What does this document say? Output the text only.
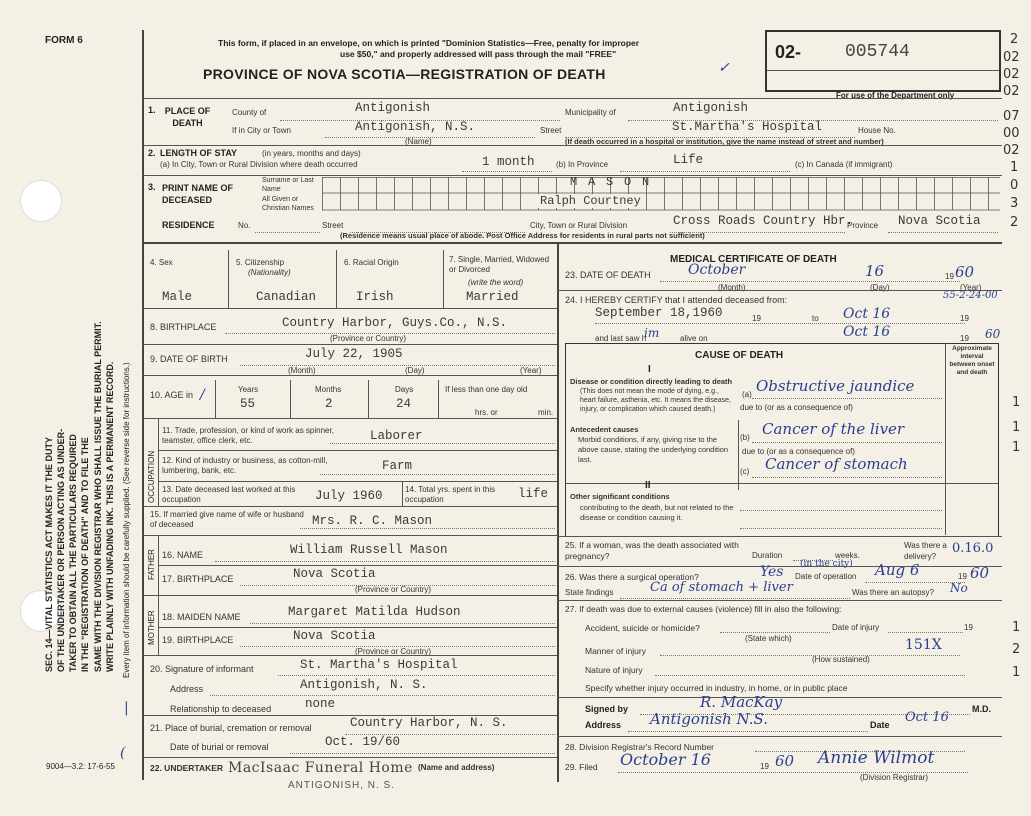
FORM 6	This form, if placed in an envelope, on which is printed "Dominion Statistics—Free, penalty for improper
use $50," and properly addressed will pass through the mail "FREE"
PROVINCE OF NOVA SCOTIA—REGISTRATION OF DEATH	✓
02- 005744
For use of the Department only
2
02
02
02
07
00
02
1
0
3
2
SEC. 14—VITAL STATISTICS ACT MAKES IT THE DUTY OF THE UNDERTAKER OR PERSON ACTING AS UNDER- TAKER TO OBTAIN ALL THE PARTICULARS REQUIRED IN THE "REGISTRATION OF DEATH" AND TO FILE THE SAME WITH THE DIVISION REGISTRAR WHO SHALL ISSUE THE BURIAL PERMIT. WRITE PLAINLY WITH UNFADING INK. THIS IS A PERMANENT RECORD. Every item of information should be carefully supplied. (See reverse side for instructions.)
1.	PLACE OF DEATH
County of	Antigonish	Municipality of	Antigonish
If in City or Town	Antigonish, N.S.
(Name)
Street	St.Martha's Hospital	House No.
(If death occurred in a hospital or institution, give the name instead of street and number)
2. LENGTH OF STAY	(in years, months and days)
(a) In City, Town or Rural Division where death occurred	1 month	(b) In Province	Life	(c) In Canada (if immigrant)
3. PRINT NAME OF DECEASED
Surname or Last Name
All Given or Christian Names
M A S O N
Ralph Courtney
RESIDENCE	No.	Street	City, Town or Rural Division	Cross Roads Country Hbr.
Province Nova Scotia
(Residence means usual place of abode. Post Office Address for residents in rural parts not sufficient)
4. Sex
Male
5. Citizenship
(Nationality)
Canadian
6. Racial Origin
Irish
7. Single, Married, Widowed or Divorced
(write the word)
Married
8. BIRTHPLACE	Country Harbor, Guys.Co., N.S.
(Province or Country)
9. DATE OF BIRTH	July 22, 1905
(Month)	(Day)	(Year)
10. AGE in /	Years
55
Months
2
Days
24
If less than one day old
hrs. or	min.
OCCUPATION
11. Trade, profession, or kind of work as spinner, teamster, office clerk, etc.	Laborer
12. Kind of industry or business, as cotton-mill, lumbering, bank, etc.	Farm
13. Date deceased last worked at this occupation	July 1960	14. Total yrs. spent in this occupation	life
15. If married give name of wife or husband of deceased	Mrs. R. C. Mason
FATHER 16. NAME	William Russell Mason
17. BIRTHPLACE	Nova Scotia
(Province or Country)
MOTHER 18. MAIDEN NAME	Margaret Matilda Hudson
19. BIRTHPLACE	Nova Scotia
(Province or Country)
20. Signature of informant	St. Martha's Hospital
Address	Antigonish, N. S.
Relationship to deceased	none
21. Place of burial, cremation or removal	Country Harbor, N. S.
Date of burial or removal	Oct. 19/60
22. UNDERTAKER MacIsaac Funeral Home
ANTIGONISH, N. S.
(Name and address)
9004—3.2: 17-6-55
(
|
MEDICAL CERTIFICATE OF DEATH
23. DATE OF DEATH	October	16	19 60
(Month)	(Day)	(Year)
24. I HEREBY CERTIFY that I attended deceased from:	55-2-24-00
September 18,1960	19	to Oct 16	19
and last saw h
im	alive on	Oct 16	19 60
CAUSE OF DEATH
Approximate interval between onset and death
I
Disease or condition directly leading to death
(This does not mean the mode of dying, e.g., heart failure, asthenia, etc. It means the disease, injury, or complication which caused death.)
(a) Obstructive jaundice
due to (or as a consequence of)
Antecedent causes
Morbid conditions, if any, giving rise to the above cause, stating the underlying condition last.
(b) Cancer of the liver
due to (or as a consequence of)
(c) Cancer of stomach
II
Other significant conditions
contributing to the death, but not related to the disease or condition causing it.
1
1
1
25. If a woman, was the death associated with pregnancy?	Duration	weeks.
Was there a delivery?
0.16.0
26. Was there a surgical operation?	Yes (in the city)
Date of operation Aug 6	19 60
State findings	Ca of stomach + liver	Was there an autopsy? No
27. If death was due to external causes (violence) fill in also the following:
Accident, suicide or homicide?
(State which)
Date of injury	19
Manner of injury	151X
(How sustained)
Nature of injury
Specify whether injury occurred in industry, in home, or in public place
1
2
1
Signed by	R. MacKay	M.D.
Address Antigonish N.S.	Date Oct 16
28. Division Registrar's Record Number
29. Filed October 16	19 60 Annie Wilmot
(Division Registrar)
